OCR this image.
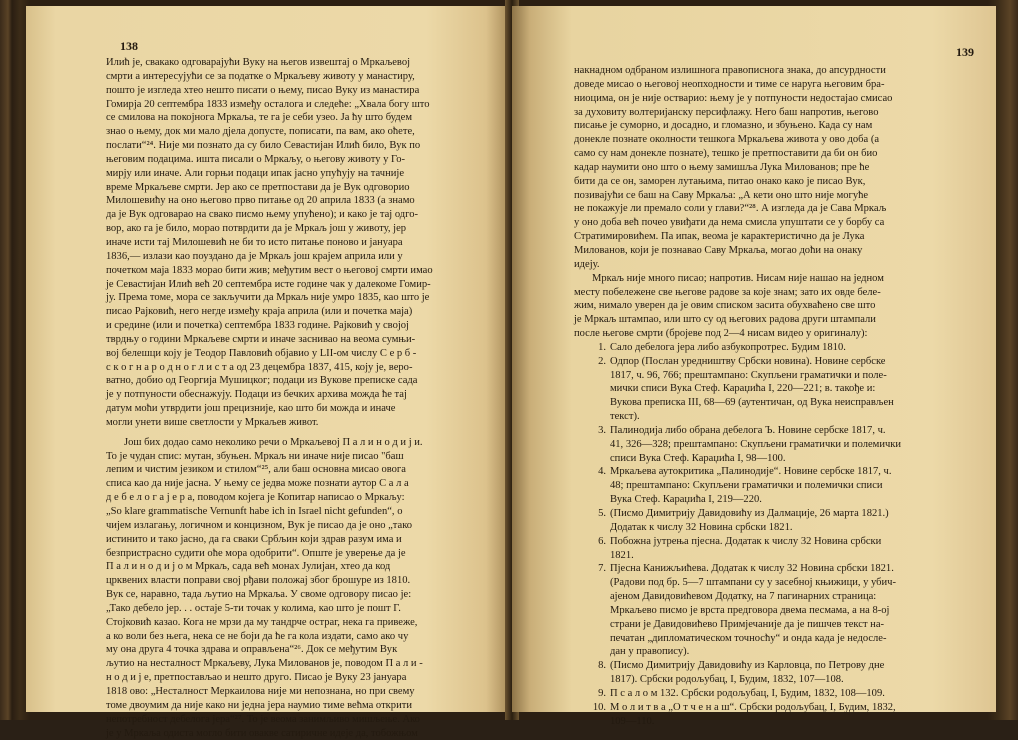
138
Илић је, свакако одговарајући Вуку на његов извештај о Мркаљевој
смрти а интересујући се за податке о Мркаљеву животу у манастиру,
пошто је изгледа хтео нешто писати о њему, писао Вуку из манастира
Гомирја 20 септембра 1833 између осталога и следеће: „Хвала богу што
се смилова на покојнога Мркаља, те га је себи узео. Ја ћу што будем
знао о њему, док ми мало дјела допусте, пописати, па вам, ако оћете,
послати“²⁴. Није ми познато да су било Севастијан Илић било, Вук по
његовим подацима. ишта писали о Мркаљу, о његову животу у Го-
мирју или иначе. Али горњи подаци ипак јасно упућују на тачније
време Мркаљеве смрти. Јер ако се претпостави да је Вук одговорио
Милошевићу на оно његово прво питање од 20 априла 1833 (а знамо
да је Вук одговарао на свако писмо њему упућено); и како је тај одго-
вор, ако га је било, морао потврдити да је Мркаљ још у животу, јер
иначе исти тај Милошевић не би то исто питање поново и јануара
1836,— излази као поуздано да је Мркаљ још крајем априла или у
почетком маја 1833 морао бити жив; међутим вест о његовој смрти имао
је Севастијан Илић већ 20 септембра исте године чак у далекоме Гомир-
ју. Према томе, мора се закључити да Мркаљ није умро 1835, као што је
писао Рајковић, него негде између краја априла (или и почетка маја)
и средине (или и почетка) септембра 1833 године. Рајковић у својој
тврдњу о години Мркаљеве смрти и иначе заснивао на веома сумњи-
вој белешци коју је Теодор Павловић објавио у LII-ом числу С е р б -
с к о г н а р о д н о г л и с т а од 23 децембра 1837, 415, коју је, веро-
ватно, добио од Георгија Мушицког; подаци из Вукове преписке сада
је у потпуности обеснажују. Подаци из бечких архива можда ће тај
датум моћи утврдити још прецизније, као што би можда и иначе
могли унети више светлости у Мркаљев живот.
Још бих додао само неколико речи о Мркаљевој П а л и н о д и ј и.
То је чудан спис: мутан, збуњен. Мркаљ ни иначе није писао "баш
лепим и чистим језиком и стилом“²⁵, али баш основна мисао овога
списа као да није јасна. У њему се једва може познати аутор С а л а
д е б е л о г а ј е р а, поводом којега је Копитар написао о Мркаљу:
„So klare grammatische Vernunft habe ich in Israel nicht gefunden“, о
чијем излагању, логичном и концизном, Вук је писао да је оно „тако
истинито и тако јасно, да га сваки Србљин који здрав разум има и
безпристрасно судити оће мора одобрити“. Опште је уверење да је
П а л и н о д и ј о м Мркаљ, сада већ монах Јулијан, хтео да код
црквених власти поправи свој рђави положај због брошуре из 1810.
Вук се, наравно, тада љутио на Мркаља. У своме одговору писао је:
„Тако дебело јер. . . остаје 5-ти точак у колима, као што је пошт Г.
Стојковић казао. Кога не мрзи да му тандрче остраг, нека га привеже,
а ко воли без њега, нека се не боји да ће га кола издати, само ако чу
му она друга 4 точка здрава и оправљена“²⁶. Док се међутим Вук
љутио на несталност Мркаљеву, Лука Милованов је, поводом П а л и -
н о д и ј е, претпостављао и нешто друго. Писао је Вуку 23 јануара
1818 ово: „Несталност Меркаилова није ми непознана, но при свему
томе двоумим да није како ни једна јера наумио тиме већма открити
непотребност дебелога јера“²⁷. То је веома занимљиво мишљење. Ако
је у Мркаља одиста могло бити овакве сатиричне идеје да, тобожњом
139
накнадном одбраном излишнога правописнога знака, до апсурдности
доведе мисао о његовој неопходности и тиме се наруга његовим бра-
ниоцима, он је није остварио: њему је у потпуности недостајао смисао
за духовиту волтеријанску персифлажу. Него баш напротив, његово
писање је суморно, и досадно, и гломазно, и збуњено. Када су нам
донекле познате околности тешкога Мркаљева живота у ово доба (а
само су нам донекле познате), тешко је претпоставити да би он био
кадар наумити оно што о њему замишља Лука Милованов; пре ће
бити да се он, заморен лутањима, питао онако како је писао Вук,
позивајући се баш на Саву Мркаља: „А кети оно што није могуће
не покажује ли премало соли у глави?“²⁸. А изгледа да је Сава Мркаљ
у оно доба већ почео увиђати да нема смисла упуштати се у борбу са
Стратимировићем. Па ипак, веома је карактеристично да је Лука
Милованов, који је познавао Саву Мркаља, могао доћи на онаку
идеју.
Мркаљ није много писао; напротив. Нисам није нашао на једном
месту побележене све његове радове за које знам; зато их овде беле-
жим, нимало уверен да је овим списком засита обухваћено све што
је Мркаљ штампао, или што су од његових радова други штампали
после његове смрти (бројеве под 2—4 нисам видео у оригиналу):
1. Сало дебелога јера либо азбукопротрес. Будим 1810.
2. Одпор (Послан уредништву Србски новина). Новине сербске
1817, ч. 96, 766; прештампано: Скупљени граматички и поле-
мички списи Вука Стеф. Караџића I, 220—221; в. такође и:
Вукова преписка III, 68—69 (аутентичан, од Вука неисправљен
текст).
3. Палинодија либо обрана дебелога Ъ. Новине сербске 1817, ч.
41, 326—328; прештампано: Скупљени граматички и полемички
списи Вука Стеф. Караџића I, 98—100.
4. Мркаљева аутокритика „Палинодије“. Новине сербске 1817, ч.
48; прештампано: Скупљени граматички и полемички списи
Вука Стеф. Караџића I, 219—220.
5. (Писмо Димитрију Давидовићу из Далмације, 26 марта 1821.)
Додатак к числу 32 Новина србски 1821.
6. Побожна јутрења пјесна. Додатак к числу 32 Новина србски
1821.
7. Пјесна Канижљићева. Додатак к числу 32 Новина србски 1821.
(Радови под бр. 5—7 штампани су у засебној књижици, у убич-
ајеном Давидовићевом Додатку, на 7 пагинарних страница:
Мркаљево писмо је врста предговора двема песмама, а на 8-ој
страни је Давидовићево Примјечаније да је пишчев текст на-
печатан „дипломатическом точносћу“ и онда када је недосле-
дан у правопису).
8. (Писмо Димитрију Давидовићу из Карловца, по Петрову дне
1817). Србски родољубац, I, Будим, 1832, 107—108.
9. П с а л о м 132. Србски родољубац, I, Будим, 1832, 108—109.
10. М о л и т в а „О т ч е н а ш“. Србски родољубац, I, Будим, 1832,
109—110.
